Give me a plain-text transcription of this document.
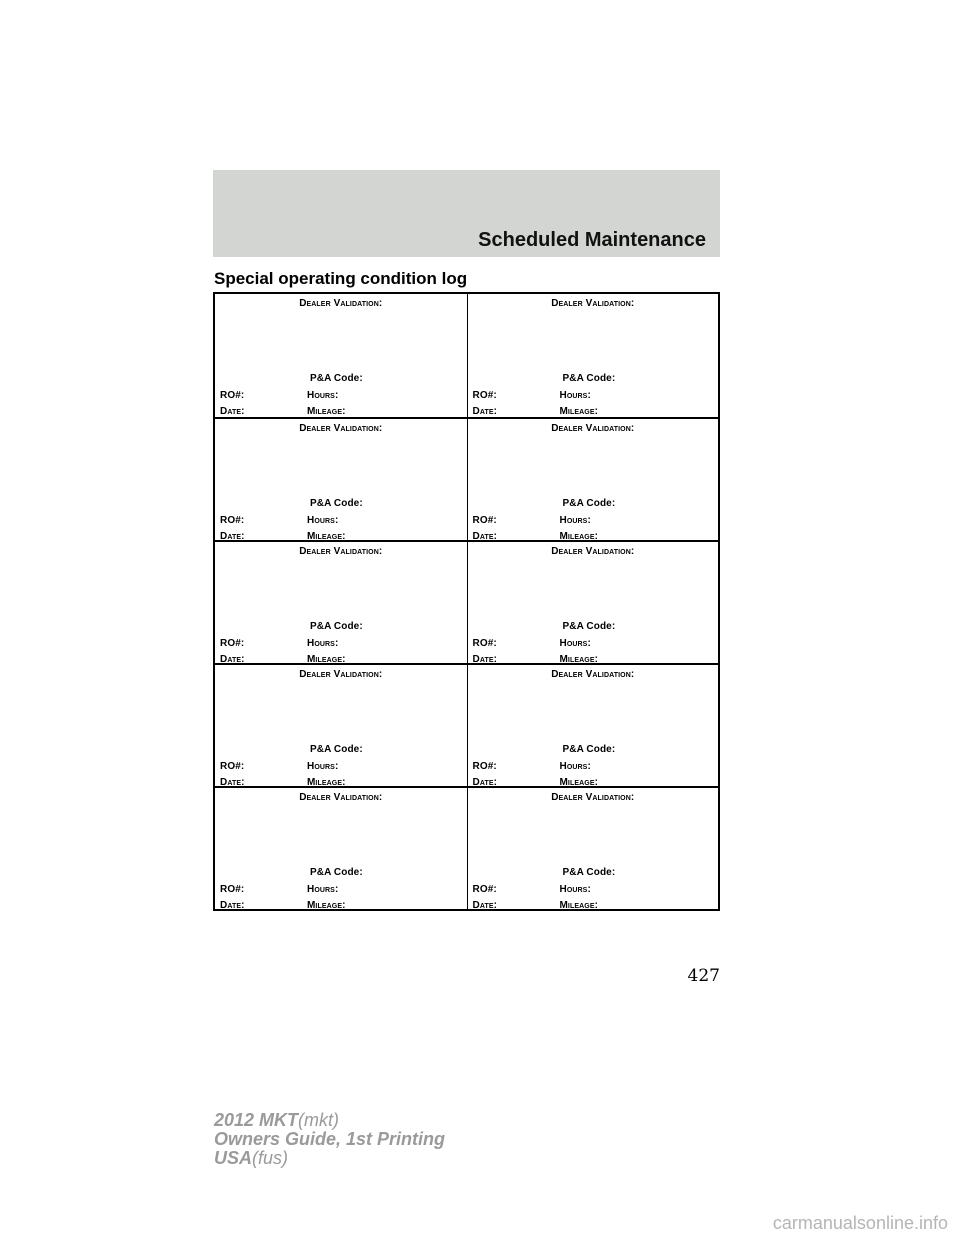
Scheduled Maintenance
Special operating condition log
Dealer Validation:
P&A Code:
RO#:	Hours:
Date:	Mileage:
Dealer Validation:
P&A Code:
RO#:	Hours:
Date:	Mileage:
Dealer Validation:
P&A Code:
RO#:	Hours:
Date:	Mileage:
Dealer Validation:
P&A Code:
RO#:	Hours:
Date:	Mileage:
Dealer Validation:
P&A Code:
RO#:	Hours:
Date:	Mileage:
Dealer Validation:
P&A Code:
RO#:	Hours:
Date:	Mileage:
Dealer Validation:
P&A Code:
RO#:	Hours:
Date:	Mileage:
Dealer Validation:
P&A Code:
RO#:	Hours:
Date:	Mileage:
Dealer Validation:
P&A Code:
RO#:	Hours:
Date:	Mileage:
Dealer Validation:
P&A Code:
RO#:	Hours:
Date:	Mileage:
427
2012 MKT(mkt)
Owners Guide, 1st Printing
USA(fus)
carmanualsonline.info
